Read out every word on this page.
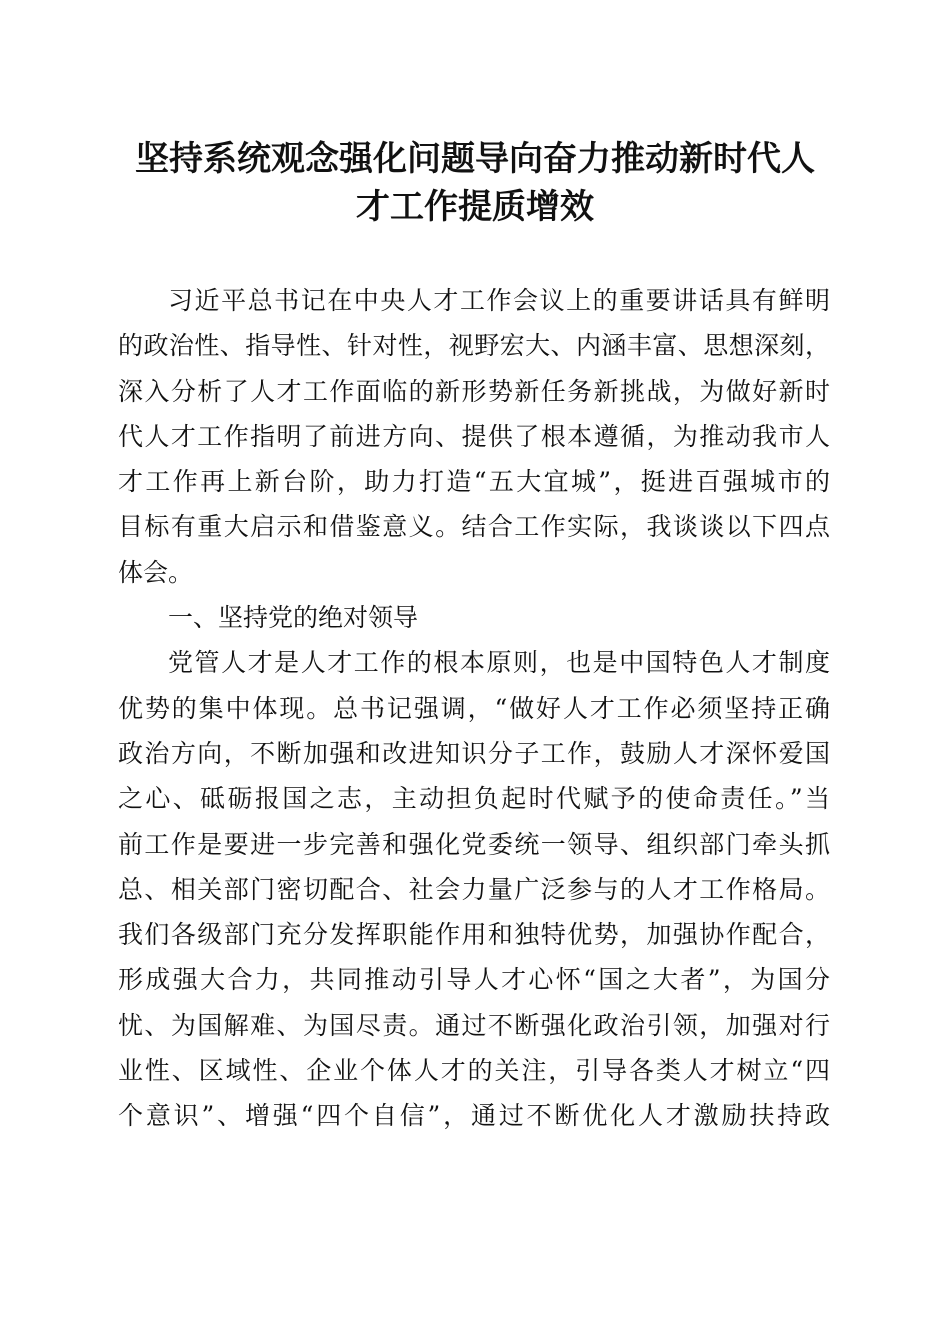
坚持系统观念强化问题导向奋力推动新时代人
才工作提质增效
习近平总书记在中央人才工作会议上的重要讲话具有鲜明
的政治性、指导性、针对性，视野宏大、内涵丰富、思想深刻，
深入分析了人才工作面临的新形势新任务新挑战，为做好新时
代人才工作指明了前进方向、提供了根本遵循，为推动我市人
才工作再上新台阶，助力打造“五大宜城”，挺进百强城市的
目标有重大启示和借鉴意义。结合工作实际，我谈谈以下四点
体会。
一、坚持党的绝对领导
党管人才是人才工作的根本原则，也是中国特色人才制度
优势的集中体现。总书记强调，“做好人才工作必须坚持正确
政治方向，不断加强和改进知识分子工作，鼓励人才深怀爱国
之心、砥砺报国之志，主动担负起时代赋予的使命责任。”当
前工作是要进一步完善和强化党委统一领导、组织部门牵头抓
总、相关部门密切配合、社会力量广泛参与的人才工作格局。
我们各级部门充分发挥职能作用和独特优势，加强协作配合，
形成强大合力，共同推动引导人才心怀“国之大者”，为国分
忧、为国解难、为国尽责。通过不断强化政治引领，加强对行
业性、区域性、企业个体人才的关注，引导各类人才树立“四
个意识”、增强“四个自信”，通过不断优化人才激励扶持政
